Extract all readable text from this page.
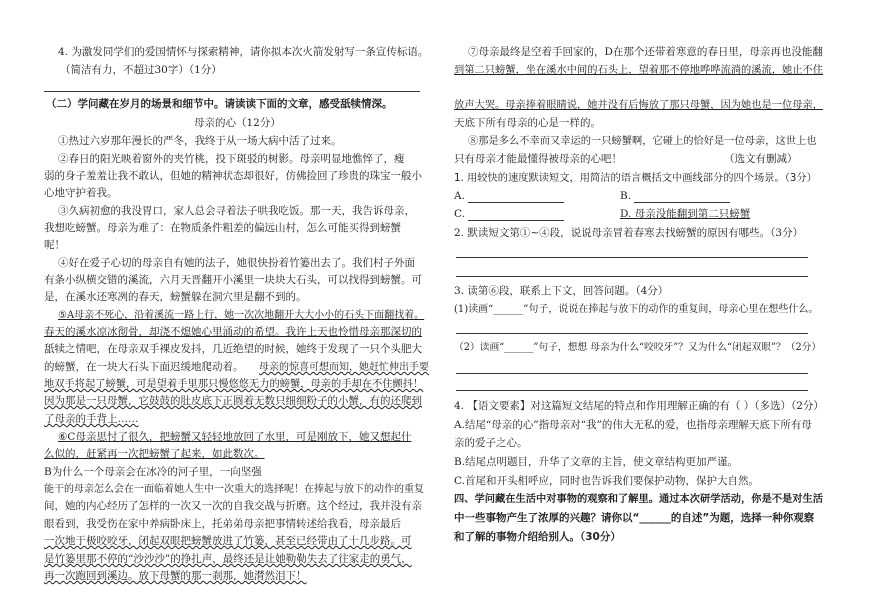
4. 为激发同学们的爱国情怀与探索精神，请你拟本次火箭发射写一条宣传标语。
（简洁有力，不超过30字）（1分）
（二）学问藏在岁月的场景和细节中。请读读下面的文章，感受舐犊情深。
母亲的心（12分）
①热过六岁那年漫长的严冬，我终于从一场大病中活了过来。
②春日的阳光映着窗外的夹竹桃，投下斑驳的树影。母亲明显地憔悴了，瘦
弱的身子羞羞让我不敢认，但她的精神状态却很好，仿佛捡回了珍贵的珠宝一般小
心地守护着我。
③久病初愈的我没胃口，家人总会寻着法子哄我吃饭。那一天，我告诉母亲，
我想吃螃蟹。母亲为难了：在物质条件粗差的偏远山村，怎么可能买得到螃蟹
呢！
④好在爱子心切的母亲自有她的法子，她很快扮着竹篓出去了。我们村子外面
有条小纵横交错的溪流，六月天晋翻开小溪里一块块大石头，可以找得到螃蟹。可
是，在溪水还寒冽的春天，螃蟹躲在洞穴里是翻不到的。
⑤A母亲不死心，沿着溪流一路上行，她一次次地翻开大大小小的石头下面翻找着。
春天的溪水凉冰彻骨，却浇不熄她心里涌动的希望。我许上天也怜惜母亲那深切的
舐犊之情吧，在母亲双手裸皮发抖，几近绝望的时候，她终于发现了一只个头肥大
的螃蟹，在一块大石头下面迟缓地爬动着。 母亲的惊喜可想而知，她赶忙伸出手要
地双手将起了螃蟹，可是望着手里那只慢悠悠无力的螃蟹，母亲的手却在不住颤抖！
因为那是一只母蟹，它鼓鼓的肚皮底下正圆着无数只细细粉子的小蟹，有的还爬到
了母亲的手背上……
⑥C母亲思忖了很久，把螃蟹又轻轻地放回了水里，可是刚放下，她又想起什
么似的，赶紧再一次把螃蟹了起来，如此数次。
B为什么一个母亲会在冰冷的河子里，一向坚强
能干的母亲怎么会在一面临着她人生中一次重大的选择呢！在捧起与放下的动作的重复
间，她的内心经历了怎样的一次又一次的自我交战与折磨。这个经过，我并没有亲
眼看到，我受伤在家中养病卧床上，托弟弟母亲把事情转述给我看，母亲最后
一次地于极咬咬牙，闭起双眼把螃蟹放进了竹篓，甚至已经带由了十几步路。可
是竹篓里那不停的“沙沙沙”的挣扎声，最终还是让她勒勒失去了往家走的勇气，
再一次跑回到溪边。放下母蟹的那一刹那，她潸然泪下！
⑦母亲最终是空着手回家的，D在那个还带着寒意的春日里，母亲再也没能翻
到第二只螃蟹，坐在溪水中间的石头上，望着那不停地哗哗流淌的溪流，她止不住
放声大哭。母亲捧着眼睛说，她并没有后悔放了那只母蟹，因为她也是一位母亲，
天底下所有母亲的心是一样的。
⑧那是多么不幸而又幸运的一只螃蟹啊，它碰上的恰好是一位母亲，这世上也
只有母亲才能最懂得被母亲的心吧！	（选文有删减）
1. 用较快的速度默读短文，用简洁的语言概括文中画线部分的四个场景。（3分）
A.	B.
C.	D. 母亲没能翻到第二只螃蟹
2. 默读短文第①~④段，说说母亲冒着春寒去找螃蟹的原因有哪些。（3分）
3. 读第⑥段，联系上下文，回答问题。（4分）
(1)读画“______”句子，说说在捧起与放下的动作的重复间，母亲心里在想些什么。
（2）读画“______”句子，想想 母亲为什么“咬咬牙”？又为什么“闭起双眼”？（2分）
4. 【语文要素】对这篇短文结尾的特点和作用理解正确的有（ ）（多选）（2分）
A.结尾“母亲的心”指母亲对“我”的伟大无私的爱，也指母亲理解天底下所有母
亲的爱子之心。
B.结尾点明题目，升华了文章的主旨，使文章结构更加严谨。
C.首尾和开头相呼应，同时也告诉我们要保护动物，保护大自然。
四、学问藏在生活中对事物的观察和了解里。通过本次研学活动，你是不是对生活
中一些事物产生了浓厚的兴趣？请你以“______的自述”为题，选择一种你观察
和了解的事物介绍给别人。（30分）
